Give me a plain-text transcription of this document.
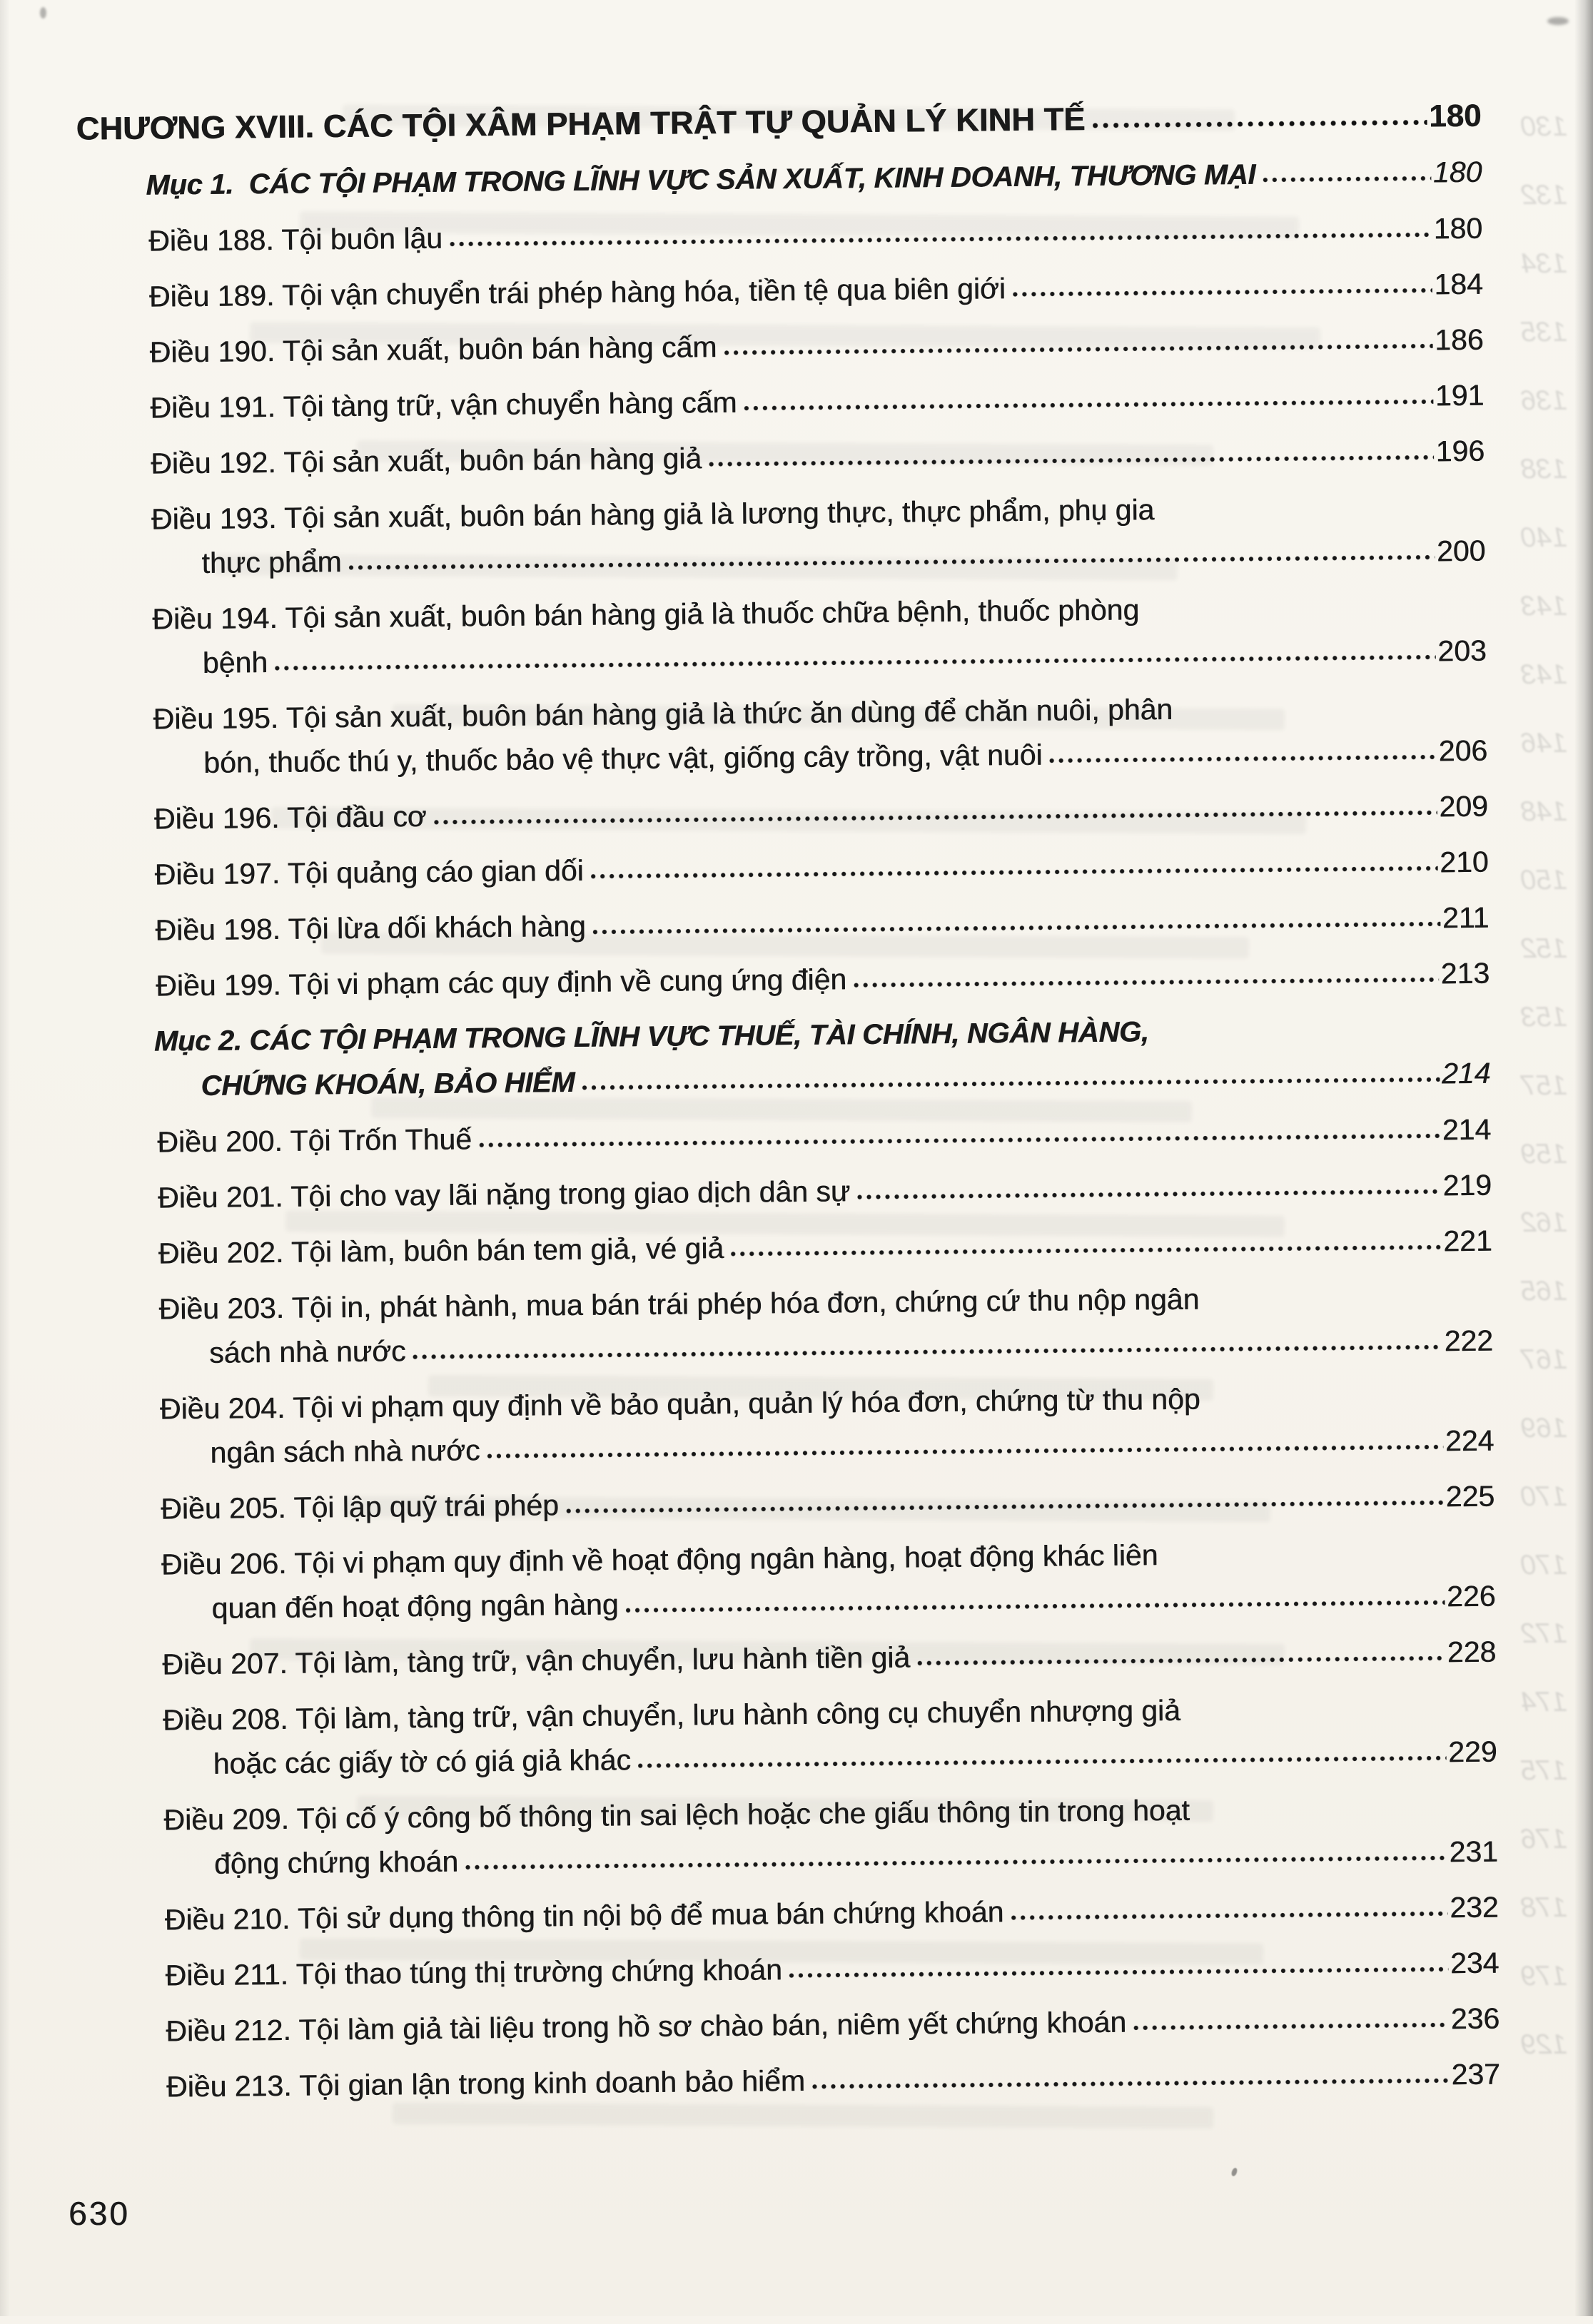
130
132
134
135
136
138
140
143
143
146
148
150
152
153
157
159
162
165
167
169
170
170
172
174
175
176
178
179
129
CHƯƠNG XVIII. CÁC TỘI XÂM PHẠM TRẬT TỰ QUẢN LÝ KINH TẾ	180
Mục 1.  CÁC TỘI PHẠM TRONG LĨNH VỰC SẢN XUẤT, KINH DOANH, THƯƠNG MẠI	180
Điều 188. Tội buôn lậu	180
Điều 189. Tội vận chuyển trái phép hàng hóa, tiền tệ qua biên giới	184
Điều 190. Tội sản xuất, buôn bán hàng cấm	186
Điều 191. Tội tàng trữ, vận chuyển hàng cấm	191
Điều 192. Tội sản xuất, buôn bán hàng giả	196
Điều 193. Tội sản xuất, buôn bán hàng giả là lương thực, thực phẩm, phụ gia
thực phẩm	200
Điều 194. Tội sản xuất, buôn bán hàng giả là thuốc chữa bệnh, thuốc phòng
bệnh	203
Điều 195. Tội sản xuất, buôn bán hàng giả là thức ăn dùng để chăn nuôi, phân
bón, thuốc thú y, thuốc bảo vệ thực vật, giống cây trồng, vật nuôi	206
Điều 196. Tội đầu cơ	209
Điều 197. Tội quảng cáo gian dối	210
Điều 198. Tội lừa dối khách hàng	211
Điều 199. Tội vi phạm các quy định về cung ứng điện	213
Mục 2. CÁC TỘI PHẠM TRONG LĨNH VỰC THUẾ, TÀI CHÍNH, NGÂN HÀNG,
CHỨNG KHOÁN, BẢO HIỂM	214
Điều 200. Tội Trốn Thuế	214
Điều 201. Tội cho vay lãi nặng trong giao dịch dân sự	219
Điều 202. Tội làm, buôn bán tem giả, vé giả	221
Điều 203. Tội in, phát hành, mua bán trái phép hóa đơn, chứng cứ thu nộp ngân
sách nhà nước	222
Điều 204. Tội vi phạm quy định về bảo quản, quản lý hóa đơn, chứng từ thu nộp
ngân sách nhà nước	224
Điều 205. Tội lập quỹ trái phép	225
Điều 206. Tội vi phạm quy định về hoạt động ngân hàng, hoạt động khác liên
quan đến hoạt động ngân hàng	226
Điều 207. Tội làm, tàng trữ, vận chuyển, lưu hành tiền giả	228
Điều 208. Tội làm, tàng trữ, vận chuyển, lưu hành công cụ chuyển nhượng giả
hoặc các giấy tờ có giá giả khác	229
Điều 209. Tội cố ý công bố thông tin sai lệch hoặc che giấu thông tin trong hoạt
động chứng khoán	231
Điều 210. Tội sử dụng thông tin nội bộ để mua bán chứng khoán	232
Điều 211. Tội thao túng thị trường chứng khoán	234
Điều 212. Tội làm giả tài liệu trong hồ sơ chào bán, niêm yết chứng khoán	236
Điều 213. Tội gian lận trong kinh doanh bảo hiểm	237
630
